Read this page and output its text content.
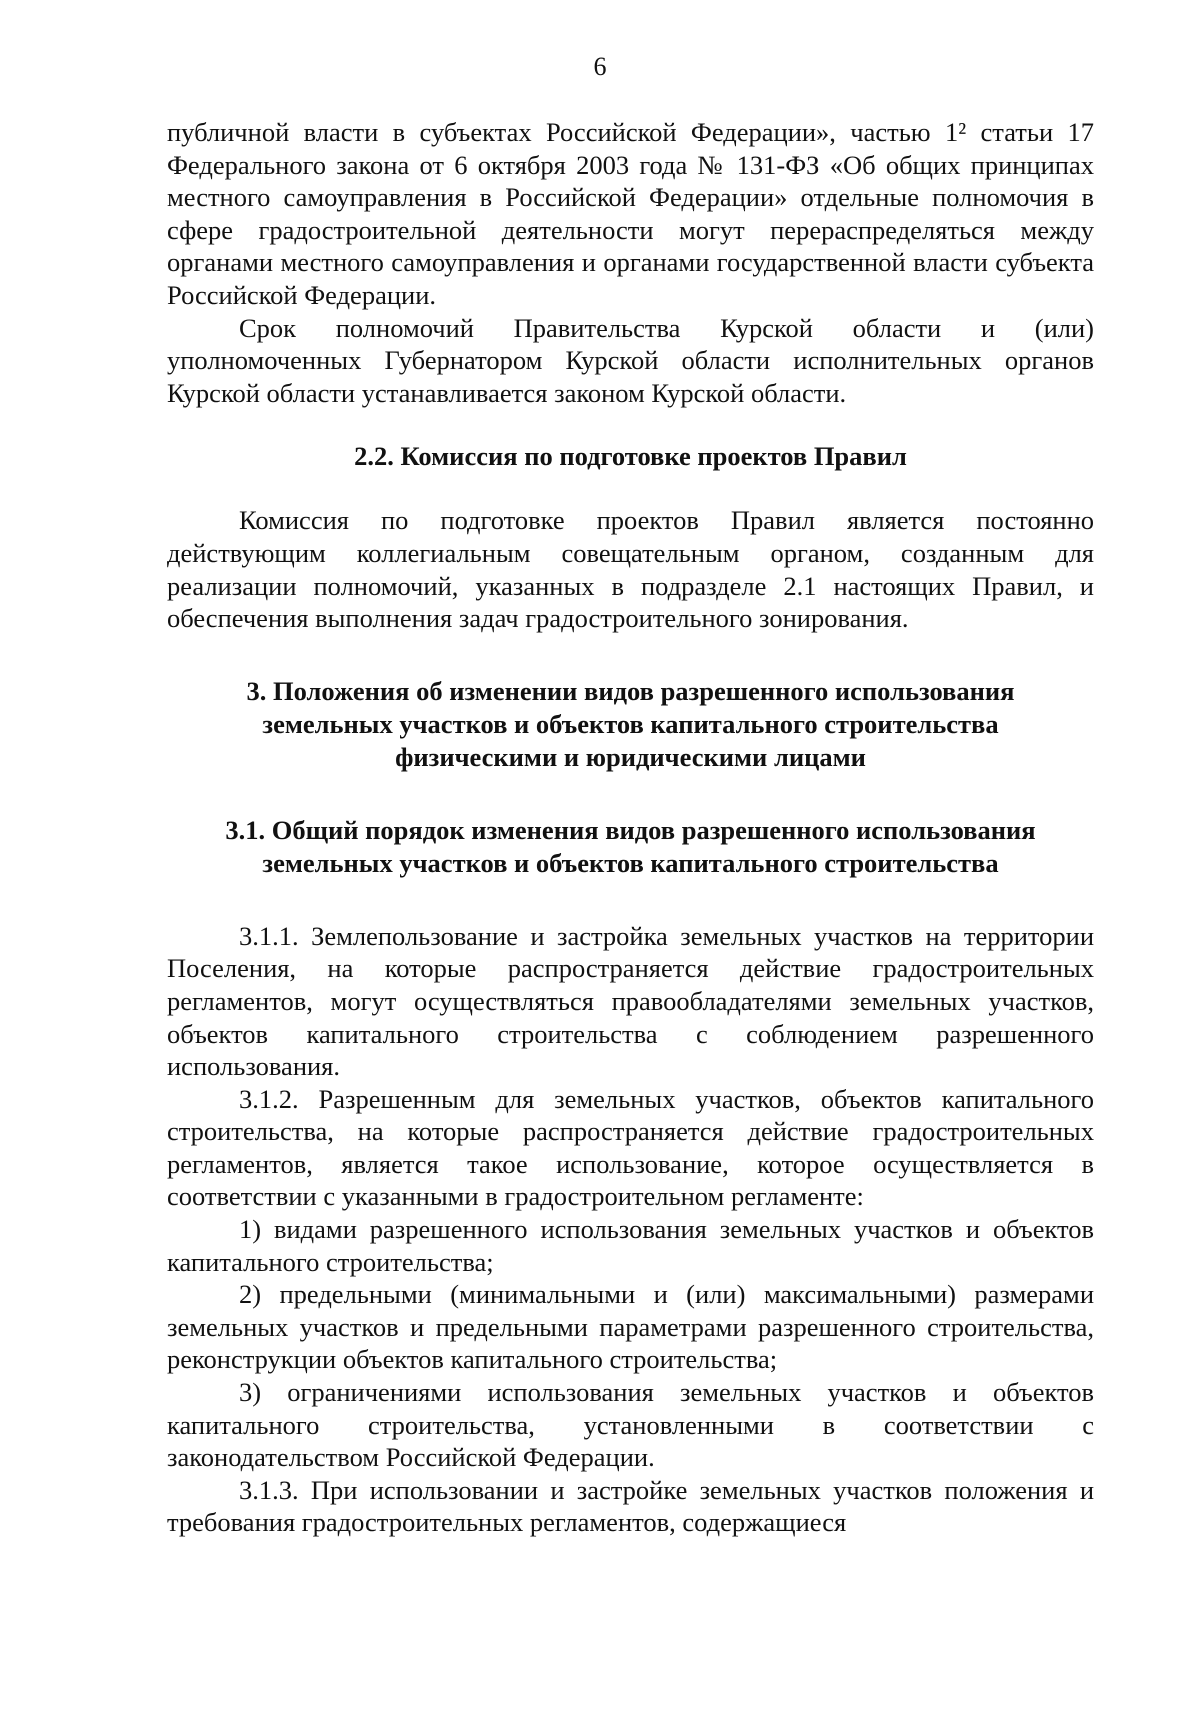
6

публичной власти в субъектах Российской Федерации», частью 1² статьи 17 Федерального закона от 6 октября 2003 года № 131-ФЗ «Об общих принципах местного самоуправления в Российской Федерации» отдельные полномочия в сфере градостроительной деятельности могут перераспределяться между органами местного самоуправления и органами государственной власти субъекта Российской Федерации.

Срок полномочий Правительства Курской области и (или) уполномоченных Губернатором Курской области исполнительных органов Курской области устанавливается законом Курской области.

2.2. Комиссия по подготовке проектов Правил

Комиссия по подготовке проектов Правил является постоянно действующим коллегиальным совещательным органом, созданным для реализации полномочий, указанных в подразделе 2.1 настоящих Правил, и обеспечения выполнения задач градостроительного зонирования.

3. Положения об изменении видов разрешенного использования
земельных участков и объектов капитального строительства
физическими и юридическими лицами
3.1. Общий порядок изменения видов разрешенного использования
земельных участков и объектов капитального строительства

3.1.1. Землепользование и застройка земельных участков на территории Поселения, на которые распространяется действие градостроительных регламентов, могут осуществляться правообладателями земельных участков, объектов капитального строительства с соблюдением разрешенного использования.

3.1.2. Разрешенным для земельных участков, объектов капитального строительства, на которые распространяется действие градостроительных регламентов, является такое использование, которое осуществляется в соответствии с указанными в градостроительном регламенте:

1) видами разрешенного использования земельных участков и объектов капитального строительства;

2) предельными (минимальными и (или) максимальными) размерами земельных участков и предельными параметрами разрешенного строительства, реконструкции объектов капитального строительства;

3) ограничениями использования земельных участков и объектов капитального строительства, установленными в соответствии с законодательством Российской Федерации.

3.1.3. При использовании и застройке земельных участков положения и требования градостроительных регламентов, содержащиеся
